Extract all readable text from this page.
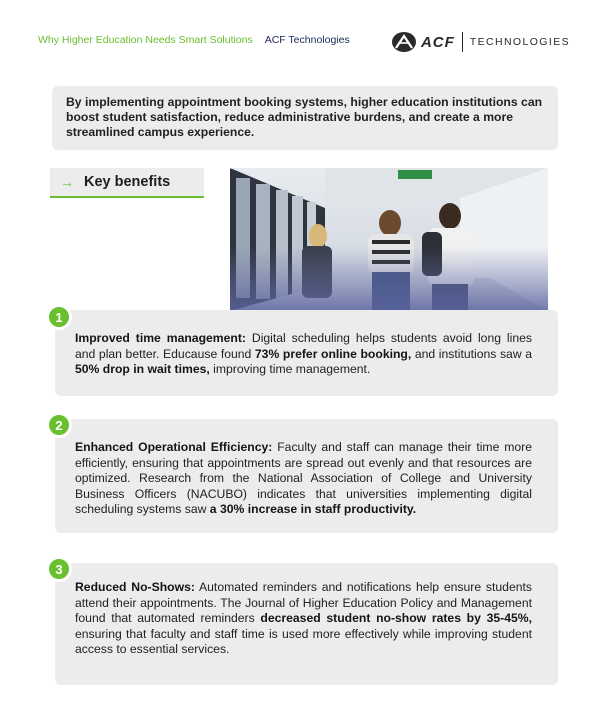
Why Higher Education Needs Smart Solutions ACF Technologies	ACF TECHNOLOGIES
By implementing appointment booking systems, higher education institutions can boost student satisfaction, reduce administrative burdens, and create a more streamlined campus experience.
→ Key benefits
Improved time management: Digital scheduling helps students avoid long lines and plan better. Educause found 73% prefer online booking, and institutions saw a 50% drop in wait times, improving time management.
1
Enhanced Operational Efficiency: Faculty and staff can manage their time more efficiently, ensuring that appointments are spread out evenly and that resources are optimized. Research from the National Association of College and University Business Officers (NACUBO) indicates that universities implementing digital scheduling systems saw a 30% increase in staff productivity.
2
Reduced No-Shows: Automated reminders and notifications help ensure students attend their appointments. The Journal of Higher Education Policy and Management found that automated reminders decreased student no-show rates by 35-45%, ensuring that faculty and staff time is used more effectively while improving student access to essential services.
3
